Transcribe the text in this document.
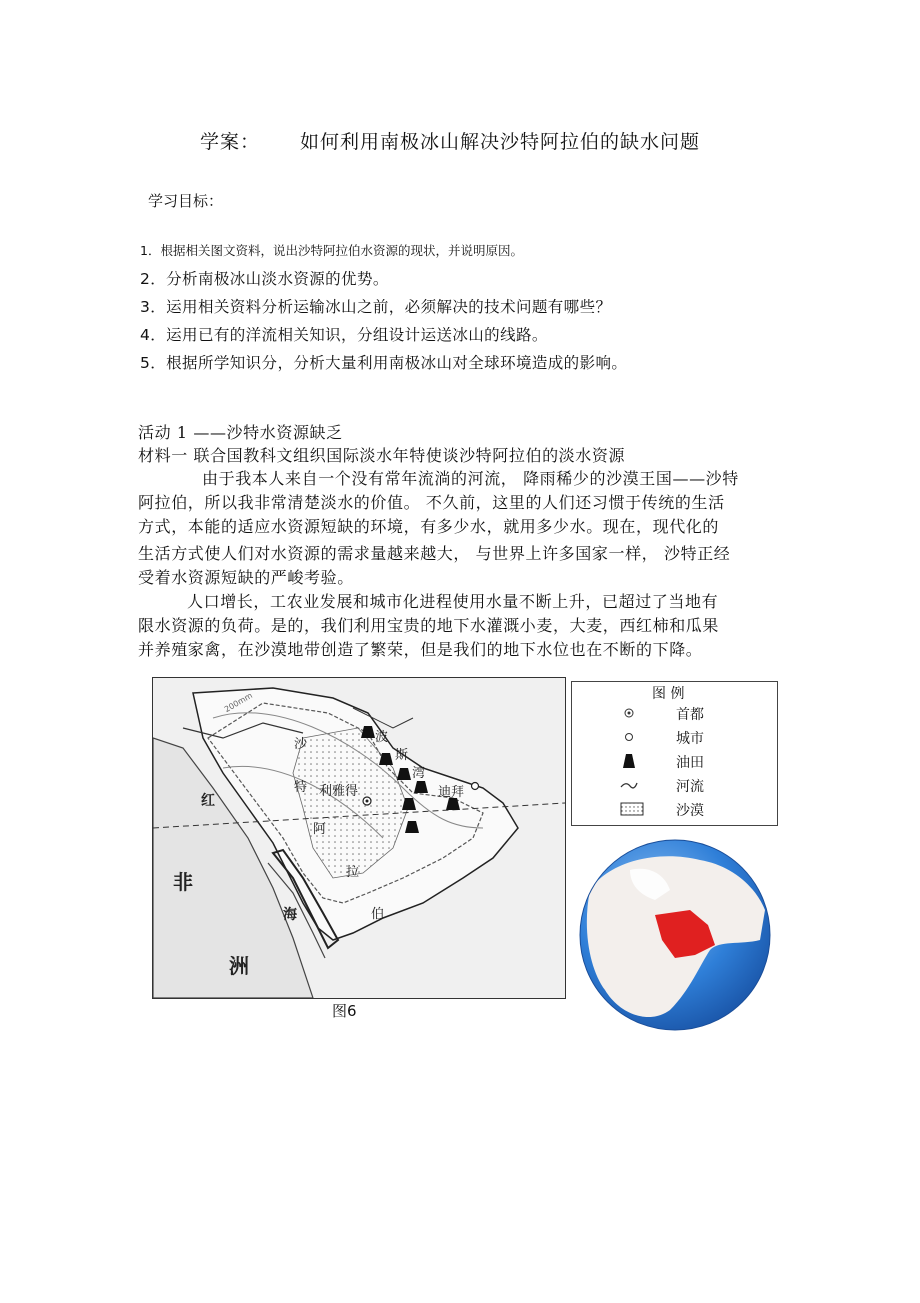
学案： 如何利用南极冰山解决沙特阿拉伯的缺水问题
学习目标：
1．根据相关图文资料，说出沙特阿拉伯水资源的现状，并说明原因。
2．分析南极冰山淡水资源的优势。
3．运用相关资料分析运输冰山之前，必须解决的技术问题有哪些？
4．运用已有的洋流相关知识，分组设计运送冰山的线路。
5．根据所学知识分，分析大量利用南极冰山对全球环境造成的影响。
活动 1 ——沙特水资源缺乏
材料一 联合国教科文组织国际淡水年特使谈沙特阿拉伯的淡水资源
由于我本人来自一个没有常年流淌的河流， 降雨稀少的沙漠王国——沙特
阿拉伯，所以我非常清楚淡水的价值。 不久前，这里的人们还习惯于传统的生活
方式，本能的适应水资源短缺的环境，有多少水，就用多少水。现在，现代化的
生活方式使人们对水资源的需求量越来越大， 与世界上许多国家一样， 沙特正经
受着水资源短缺的严峻考验。
人口增长，工农业发展和城市化进程使用水量不断上升，已超过了当地有
限水资源的负荷。是的，我们利用宝贵的地下水灌溉小麦，大麦，西红柿和瓜果
并养殖家禽，在沙漠地带创造了繁荣，但是我们的地下水位也在不断的下降。
沙
特
阿
拉
伯
利雅得	迪拜
波
斯
湾
红
海
非
洲
200mm
图6
图 例
首都
城市
油田
河流
沙漠
